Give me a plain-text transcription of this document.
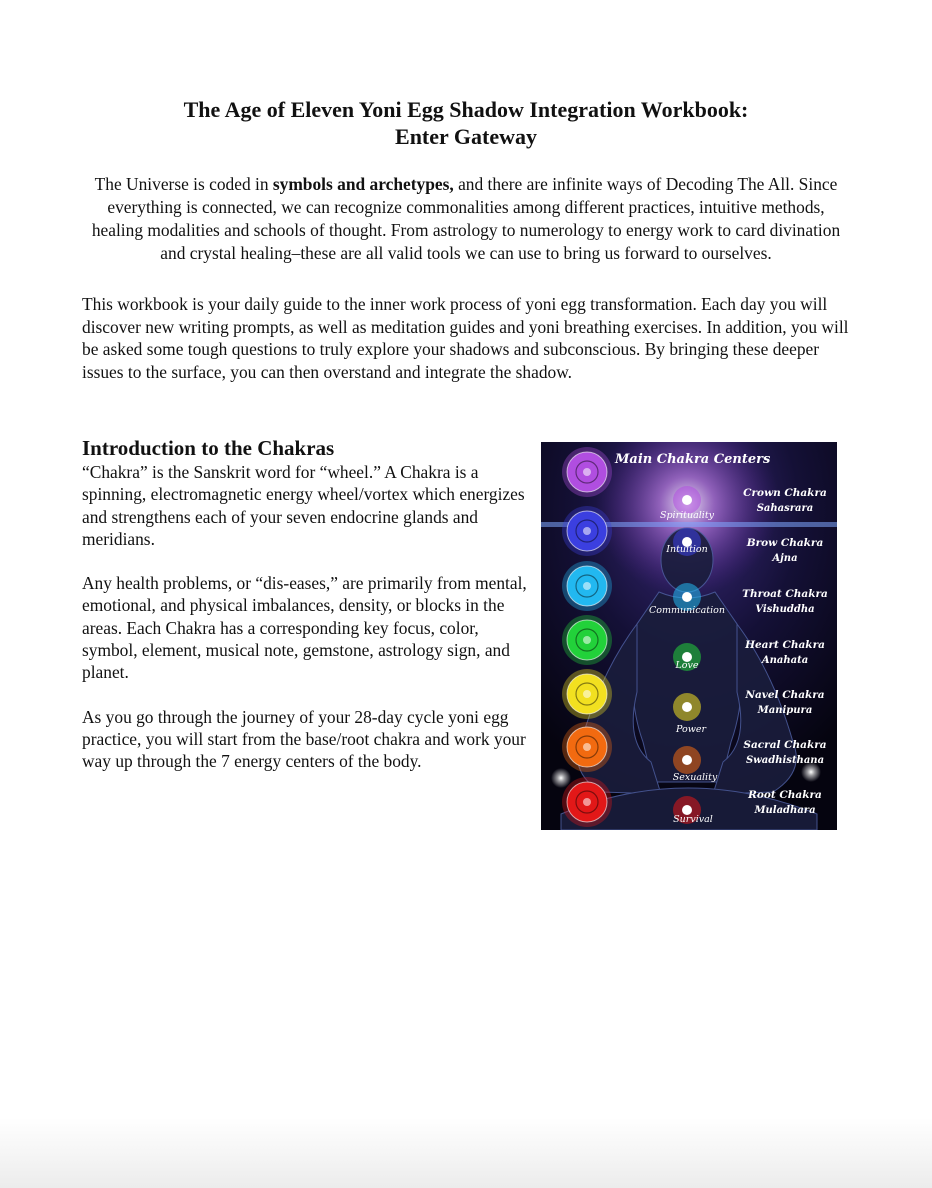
The Age of Eleven Yoni Egg Shadow Integration Workbook:
Enter Gateway
The Universe is coded in symbols and archetypes, and there are infinite ways of Decoding The All. Since everything is connected, we can recognize commonalities among different practices, intuitive methods, healing modalities and schools of thought. From astrology to numerology to energy work to card divination and crystal healing–these are all valid tools we can use to bring us forward to ourselves.
This workbook is your daily guide to the inner work process of yoni egg transformation. Each day you will discover new writing prompts, as well as meditation guides and yoni breathing exercises. In addition, you will be asked some tough questions to truly explore your shadows and subconscious. By bringing these deeper issues to the surface, you can then overstand and integrate the shadow.
Introduction to the Chakras

“Chakra” is the Sanskrit word for “wheel.” A Chakra is a spinning, electromagnetic energy wheel/vortex which energizes and strengthens each of your seven endocrine glands and meridians.

Any health problems, or “dis-eases,” are primarily from mental, emotional, and physical imbalances, density, or blocks in the areas. Each Chakra has a corresponding key focus, color, symbol, element, musical note, gemstone, astrology sign, and planet.

As you go through the journey of your 28-day cycle yoni egg practice, you will start from the base/root chakra and work your way up through the 7 energy centers of the body.

Main Chakra Centers
Spirituality
Crown Chakra
Sahasrara
Intuition
Brow Chakra
Ajna
Communication
Throat Chakra
Vishuddha
Love
Heart Chakra
Anahata
Power
Navel Chakra
Manipura
Sexuality
Sacral Chakra
Swadhisthana
Survival
Root Chakra
Muladhara
